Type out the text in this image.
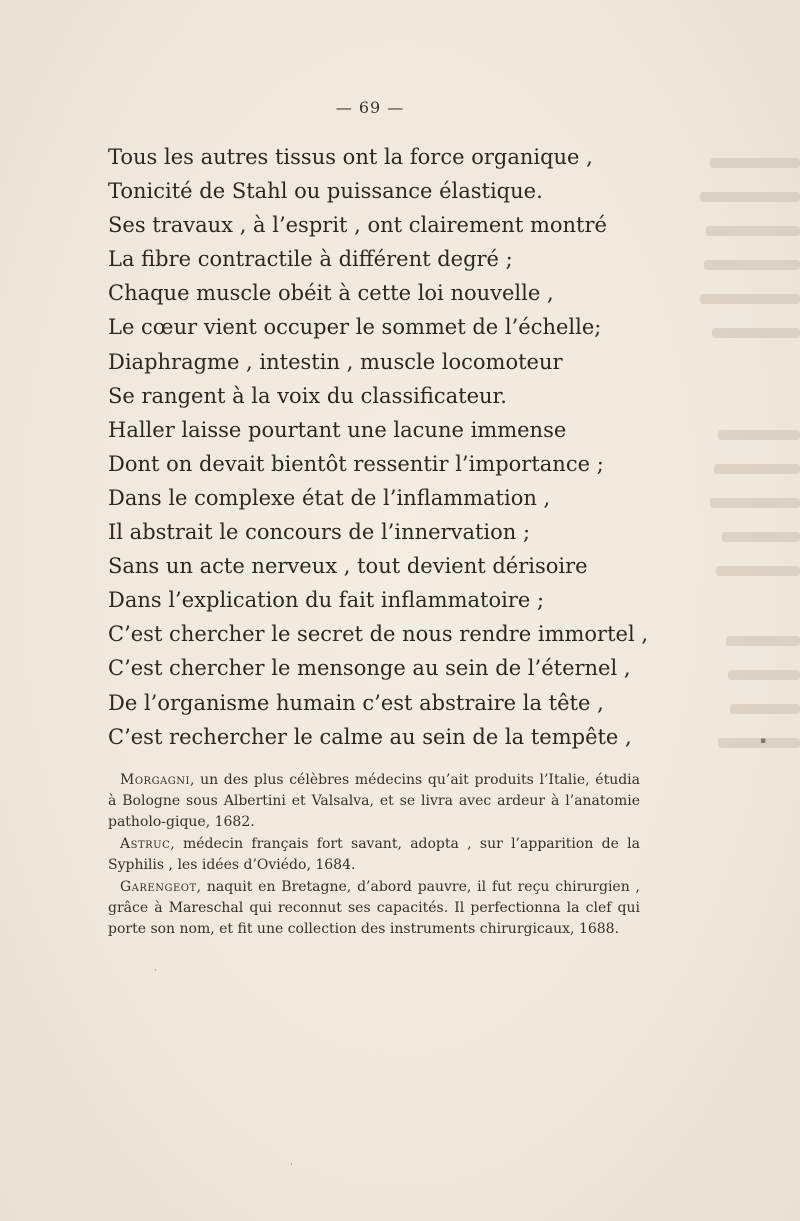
— 69 —
Tous les autres tissus ont la force organique ,
Tonicité de Stahl ou puissance élastique.
Ses travaux , à l’esprit , ont clairement montré
La fibre contractile à différent degré ;
Chaque muscle obéit à cette loi nouvelle ,
Le cœur vient occuper le sommet de l’échelle;
Diaphragme , intestin , muscle locomoteur
Se rangent à la voix du classificateur.
Haller laisse pourtant une lacune immense
Dont on devait bientôt ressentir l’importance ;
Dans le complexe état de l’inflammation ,
Il abstrait le concours de l’innervation ;
Sans un acte nerveux , tout devient dérisoire
Dans l’explication du fait inflammatoire ;
C’est chercher le secret de nous rendre immortel ,
C’est chercher le mensonge au sein de l’éternel ,
De l’organisme humain c’est abstraire la tête ,
C’est rechercher le calme au sein de la tempête ,

Morgagni, un des plus célèbres médecins qu’ait produits l’Italie, étudia à Bologne sous Albertini et Valsalva, et se livra avec ardeur à l’anatomie patholo-gique, 1682.

Astruc, médecin français fort savant, adopta , sur l’apparition de la Syphilis , les idées d’Oviédo, 1684.

Garengeot, naquit en Bretagne, d’abord pauvre, il fut reçu chirurgien , grâce à Mareschal qui reconnut ses capacités. Il perfectionna la clef qui porte son nom, et fit une collection des instruments chirurgicaux, 1688.

▪
·
·
